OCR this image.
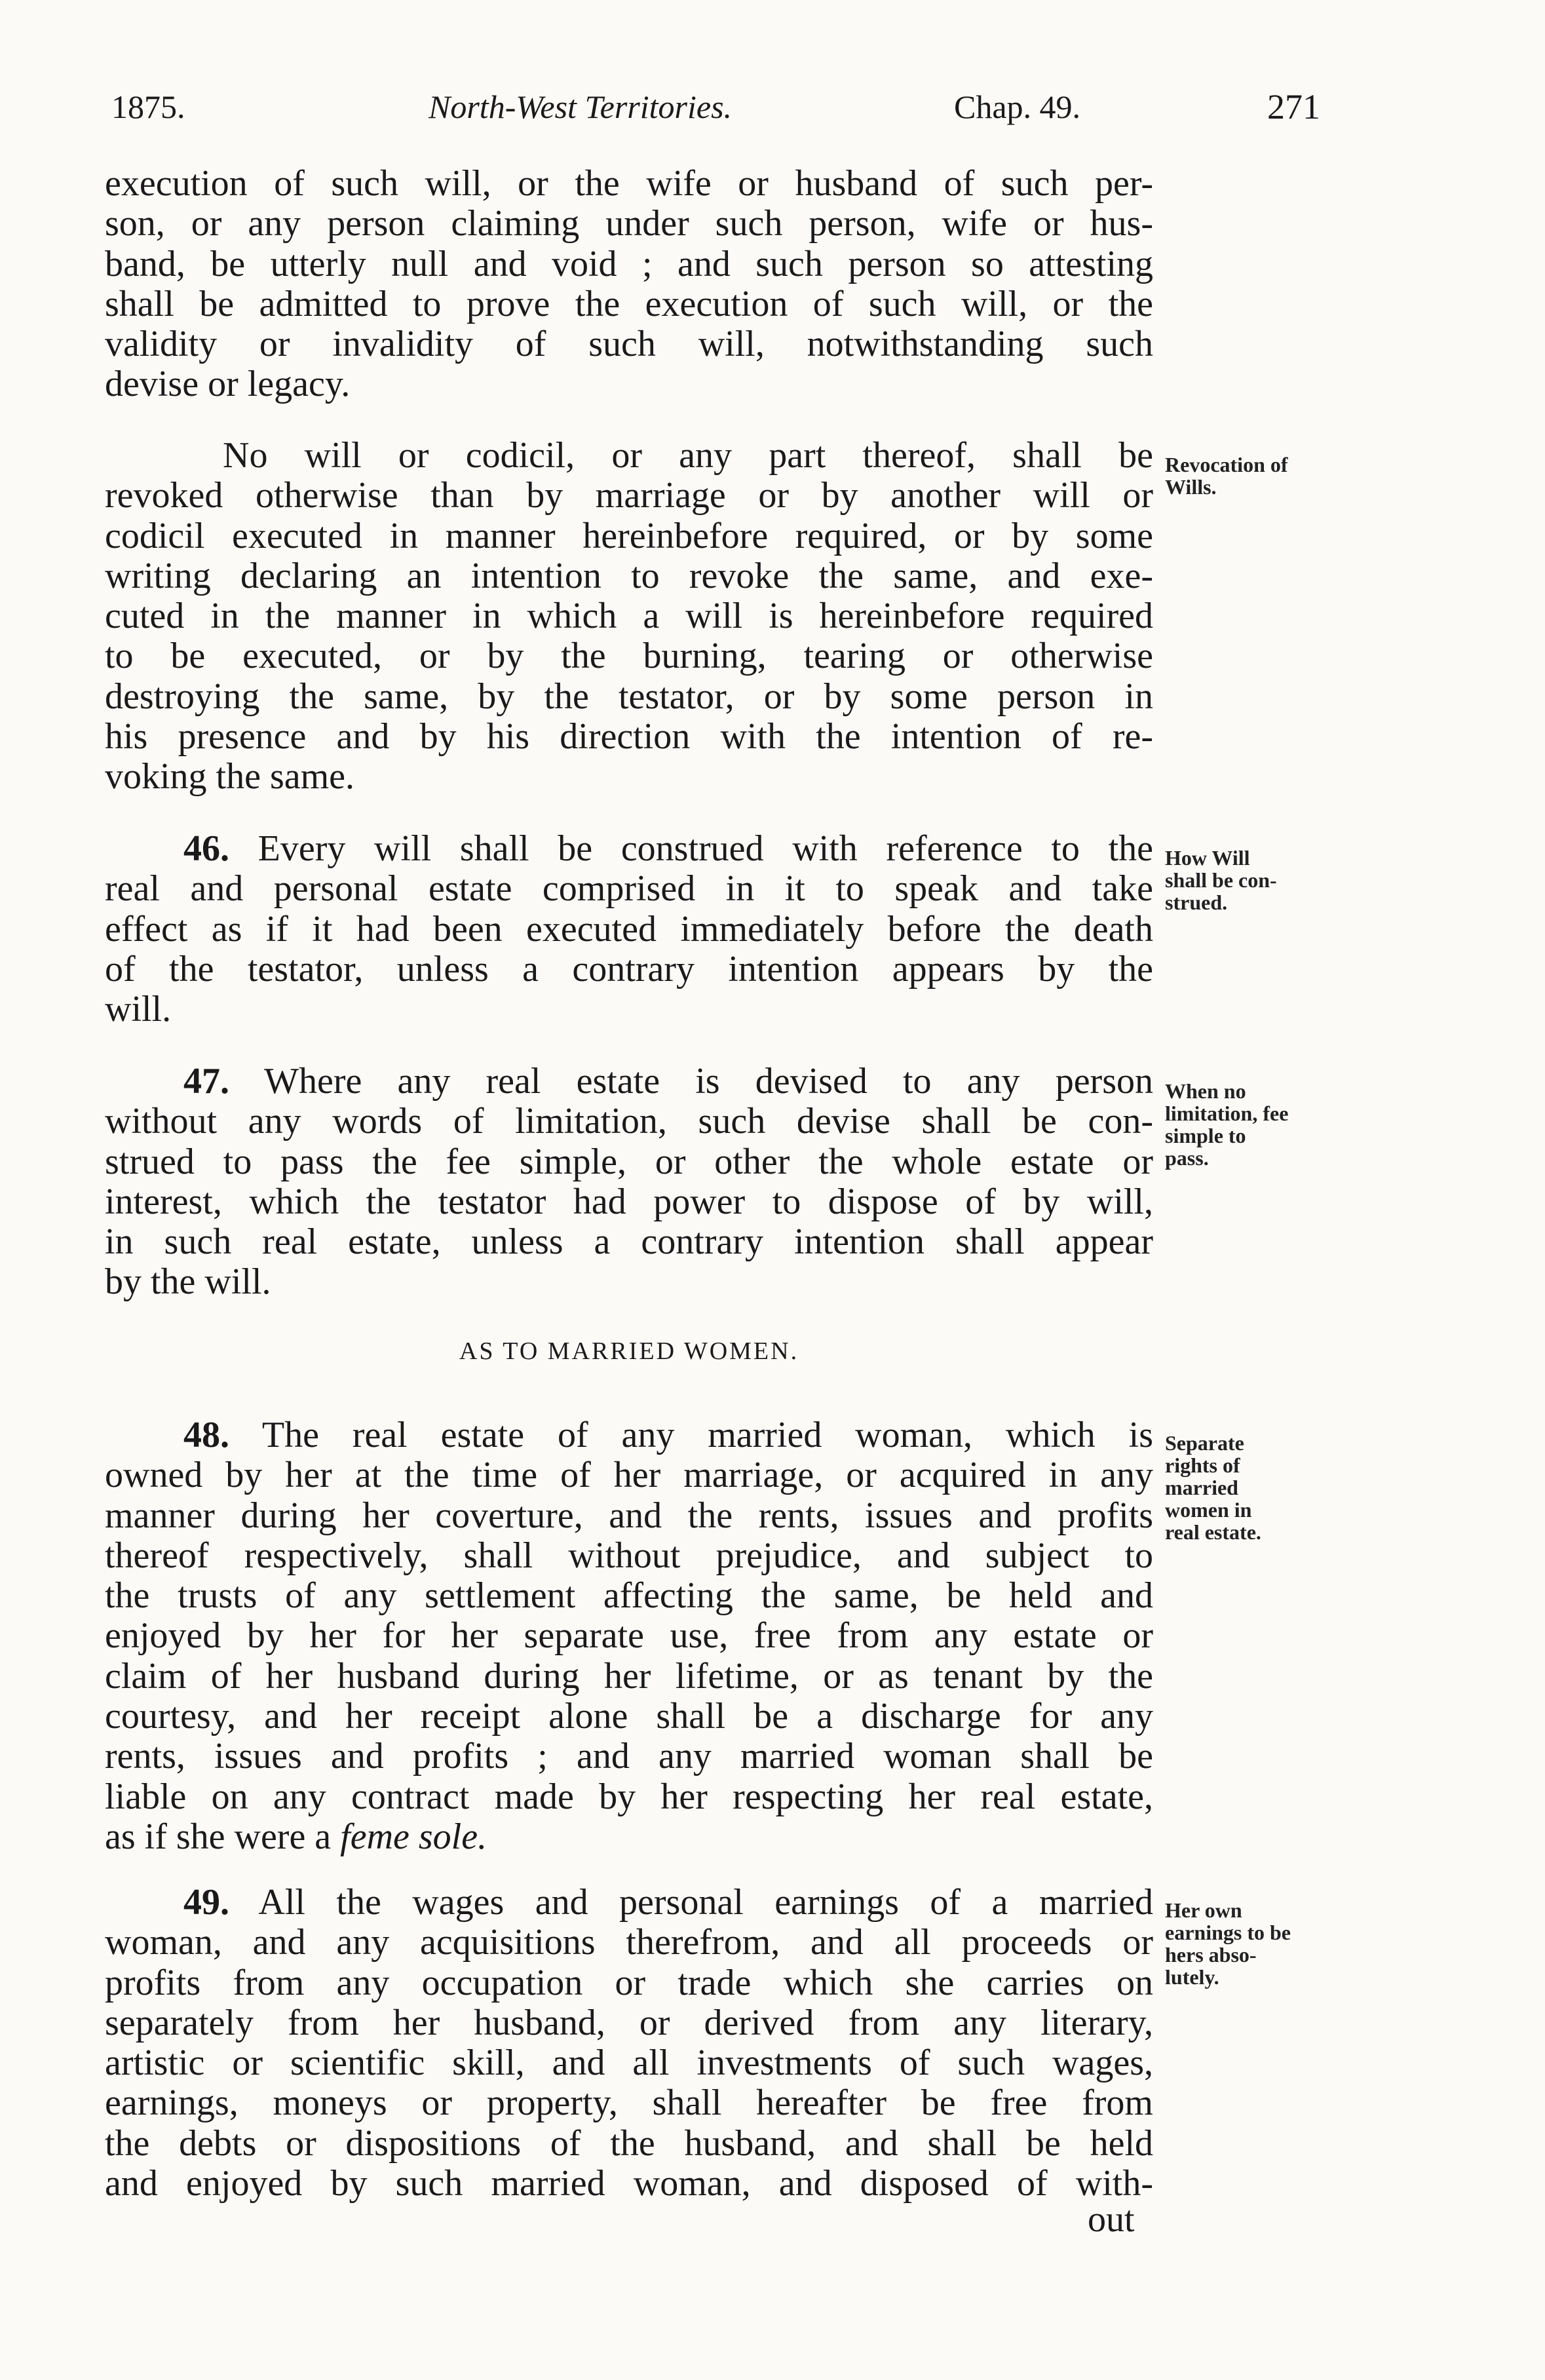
1875.	North-West Territories.	Chap. 49.	271
execution of such will, or the wife or husband of such per-
son, or any person claiming under such person, wife or hus-
band, be utterly null and void ; and such person so attesting
shall be admitted to prove the execution of such will, or the
validity or invalidity of such will, notwithstanding such
devise or legacy.
No will or codicil, or any part thereof, shall be
revoked otherwise than by marriage or by another will or
codicil executed in manner hereinbefore required, or by some
writing declaring an intention to revoke the same, and exe-
cuted in the manner in which a will is hereinbefore required
to be executed, or by the burning, tearing or otherwise
destroying the same, by the testator, or by some person in
his presence and by his direction with the intention of re-
voking the same.
Revocation of
Wills.
46. Every will shall be construed with reference to the
real and personal estate comprised in it to speak and take
effect as if it had been executed immediately before the death
of the testator, unless a contrary intention appears by the
will.
How Will
shall be con-
strued.
47. Where any real estate is devised to any person
without any words of limitation, such devise shall be con-
strued to pass the fee simple, or other the whole estate or
interest, which the testator had power to dispose of by will,
in such real estate, unless a contrary intention shall appear
by the will.
When no
limitation, fee
simple to
pass.
AS TO MARRIED WOMEN.
48. The real estate of any married woman, which is
owned by her at the time of her marriage, or acquired in any
manner during her coverture, and the rents, issues and profits
thereof respectively, shall without prejudice, and subject to
the trusts of any settlement affecting the same, be held and
enjoyed by her for her separate use, free from any estate or
claim of her husband during her lifetime, or as tenant by the
courtesy, and her receipt alone shall be a discharge for any
rents, issues and profits ; and any married woman shall be
liable on any contract made by her respecting her real estate,
as if she were a feme sole.
Separate
rights of
married
women in
real estate.
49. All the wages and personal earnings of a married
woman, and any acquisitions therefrom, and all proceeds or
profits from any occupation or trade which she carries on
separately from her husband, or derived from any literary,
artistic or scientific skill, and all investments of such wages,
earnings, moneys or property, shall hereafter be free from
the debts or dispositions of the husband, and shall be held
and enjoyed by such married woman, and disposed of with-
Her own
earnings to be
hers abso-
lutely.
out
